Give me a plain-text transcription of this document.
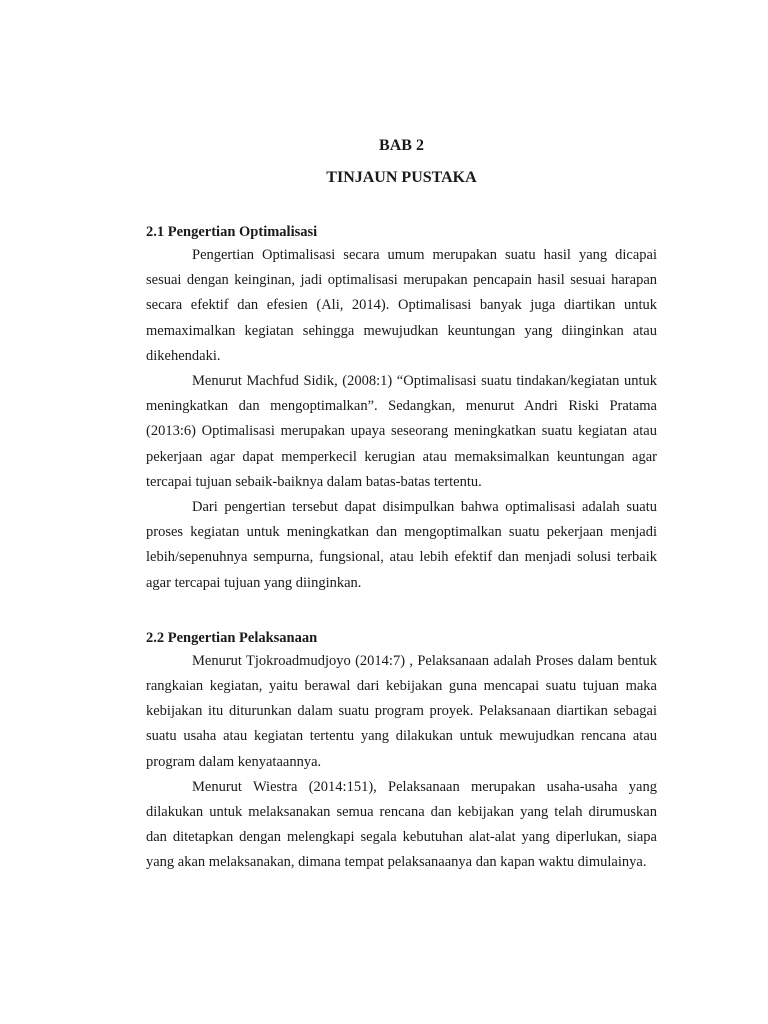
BAB 2
TINJAUN PUSTAKA
2.1 Pengertian Optimalisasi

Pengertian Optimalisasi secara umum merupakan suatu hasil yang dicapai sesuai dengan keinginan, jadi optimalisasi merupakan pencapain hasil sesuai harapan secara efektif dan efesien (Ali, 2014). Optimalisasi banyak juga diartikan untuk memaximalkan kegiatan sehingga mewujudkan keuntungan yang diinginkan atau dikehendaki.

Menurut Machfud Sidik, (2008:1) “Optimalisasi suatu tindakan/kegiatan untuk meningkatkan dan mengoptimalkan”. Sedangkan, menurut Andri Riski Pratama (2013:6) Optimalisasi merupakan upaya seseorang meningkatkan suatu kegiatan atau pekerjaan agar dapat memperkecil kerugian atau memaksimalkan keuntungan agar tercapai tujuan sebaik-baiknya dalam batas-batas tertentu.

Dari pengertian tersebut dapat disimpulkan bahwa optimalisasi adalah suatu proses kegiatan untuk meningkatkan dan mengoptimalkan suatu pekerjaan menjadi lebih/sepenuhnya sempurna, fungsional, atau lebih efektif dan menjadi solusi terbaik agar tercapai tujuan yang diinginkan.

2.2 Pengertian Pelaksanaan

Menurut Tjokroadmudjoyo (2014:7) , Pelaksanaan adalah Proses dalam bentuk rangkaian kegiatan, yaitu berawal dari kebijakan guna mencapai suatu tujuan maka kebijakan itu diturunkan dalam suatu program proyek. Pelaksanaan diartikan sebagai suatu usaha atau kegiatan tertentu yang dilakukan untuk mewujudkan rencana atau program dalam kenyataannya.

Menurut Wiestra (2014:151), Pelaksanaan merupakan usaha-usaha yang dilakukan untuk melaksanakan semua rencana dan kebijakan yang telah dirumuskan dan ditetapkan dengan melengkapi segala kebutuhan alat-alat yang diperlukan, siapa yang akan melaksanakan, dimana tempat pelaksanaanya dan kapan waktu dimulainya.
